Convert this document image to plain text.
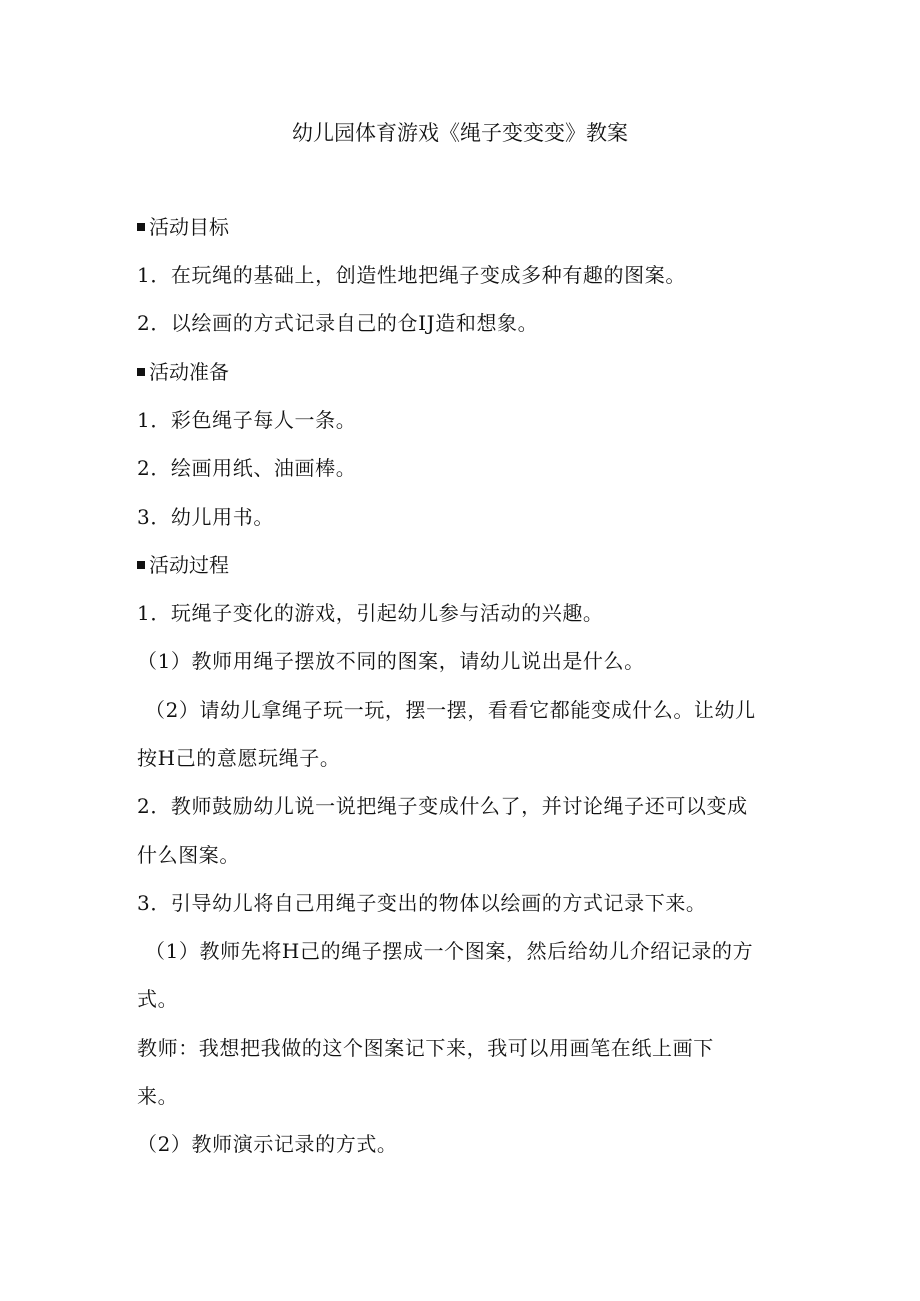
幼儿园体育游戏《绳子变变变》教案
活动目标
1．在玩绳的基础上，创造性地把绳子变成多种有趣的图案。
2．以绘画的方式记录自己的仓IJ造和想象。
活动准备
1．彩色绳子每人一条。
2．绘画用纸、油画棒。
3．幼儿用书。
活动过程
1．玩绳子变化的游戏，引起幼儿参与活动的兴趣。
（1）教师用绳子摆放不同的图案，请幼儿说出是什么。
（2）请幼儿拿绳子玩一玩，摆一摆，看看它都能变成什么。让幼儿
按H己的意愿玩绳子。
2．教师鼓励幼儿说一说把绳子变成什么了，并讨论绳子还可以变成
什么图案。
3．引导幼儿将自己用绳子变出的物体以绘画的方式记录下来。
（1）教师先将H己的绳子摆成一个图案，然后给幼儿介绍记录的方
式。
教师：我想把我做的这个图案记下来，我可以用画笔在纸上画下
来。
（2）教师演示记录的方式。
